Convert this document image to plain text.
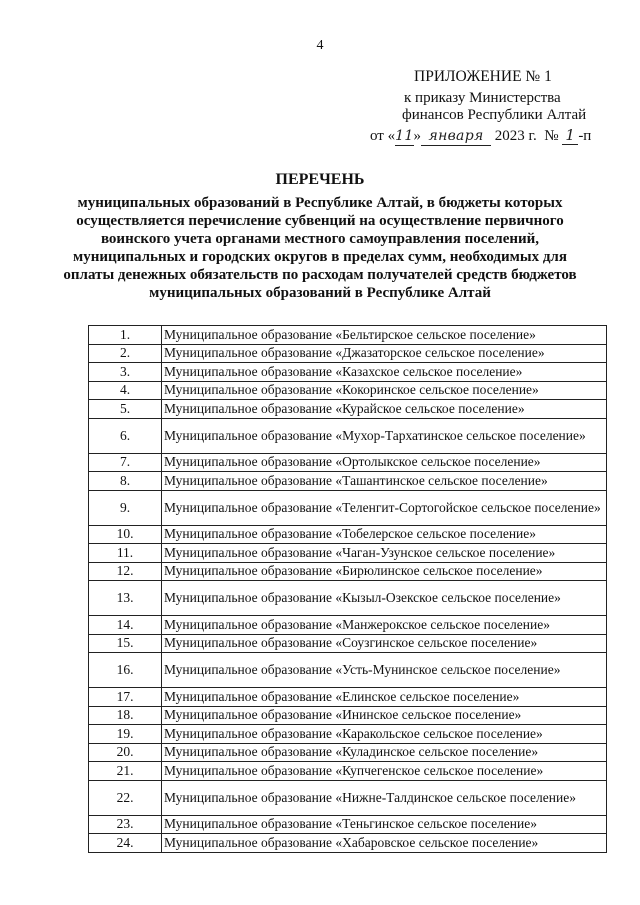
4
ПРИЛОЖЕНИЕ № 1
к приказу Министерства
финансов Республики Алтай
от «11» января 2023 г. № 1 -п
ПЕРЕЧЕНЬ
муниципальных образований в Республике Алтай, в бюджеты которых осуществляется перечисление субвенций на осуществление первичного воинского учета органами местного самоуправления поселений, муниципальных и городских округов в пределах сумм, необходимых для оплаты денежных обязательств по расходам получателей средств бюджетов муниципальных образований в Республике Алтай
1.	Муниципальное образование «Бельтирское сельское поселение»
2.	Муниципальное образование «Джазаторское сельское поселение»
3.	Муниципальное образование «Казахское сельское поселение»
4.	Муниципальное образование «Кокоринское сельское поселение»
5.	Муниципальное образование «Курайское сельское поселение»
6.	Муниципальное образование «Мухор-Тархатинское сельское поселение»
7.	Муниципальное образование «Ортолыкское сельское поселение»
8.	Муниципальное образование «Ташантинское сельское поселение»
9.	Муниципальное образование «Теленгит-Сортогойское сельское поселение»
10.	Муниципальное образование «Тобелерское сельское поселение»
11.	Муниципальное образование «Чаган-Узунское сельское поселение»
12.	Муниципальное образование «Бирюлинское сельское поселение»
13.	Муниципальное образование «Кызыл-Озекское сельское поселение»
14.	Муниципальное образование «Манжерокское сельское поселение»
15.	Муниципальное образование «Соузгинское сельское поселение»
16.	Муниципальное образование «Усть-Мунинское сельское поселение»
17.	Муниципальное образование «Елинское сельское поселение»
18.	Муниципальное образование «Ининское сельское поселение»
19.	Муниципальное образование «Каракольское сельское поселение»
20.	Муниципальное образование «Куладинское сельское поселение»
21.	Муниципальное образование «Купчегенское сельское поселение»
22.	Муниципальное образование «Нижне-Талдинское сельское поселение»
23.	Муниципальное образование «Теньгинское сельское поселение»
24.	Муниципальное образование «Хабаровское сельское поселение»
